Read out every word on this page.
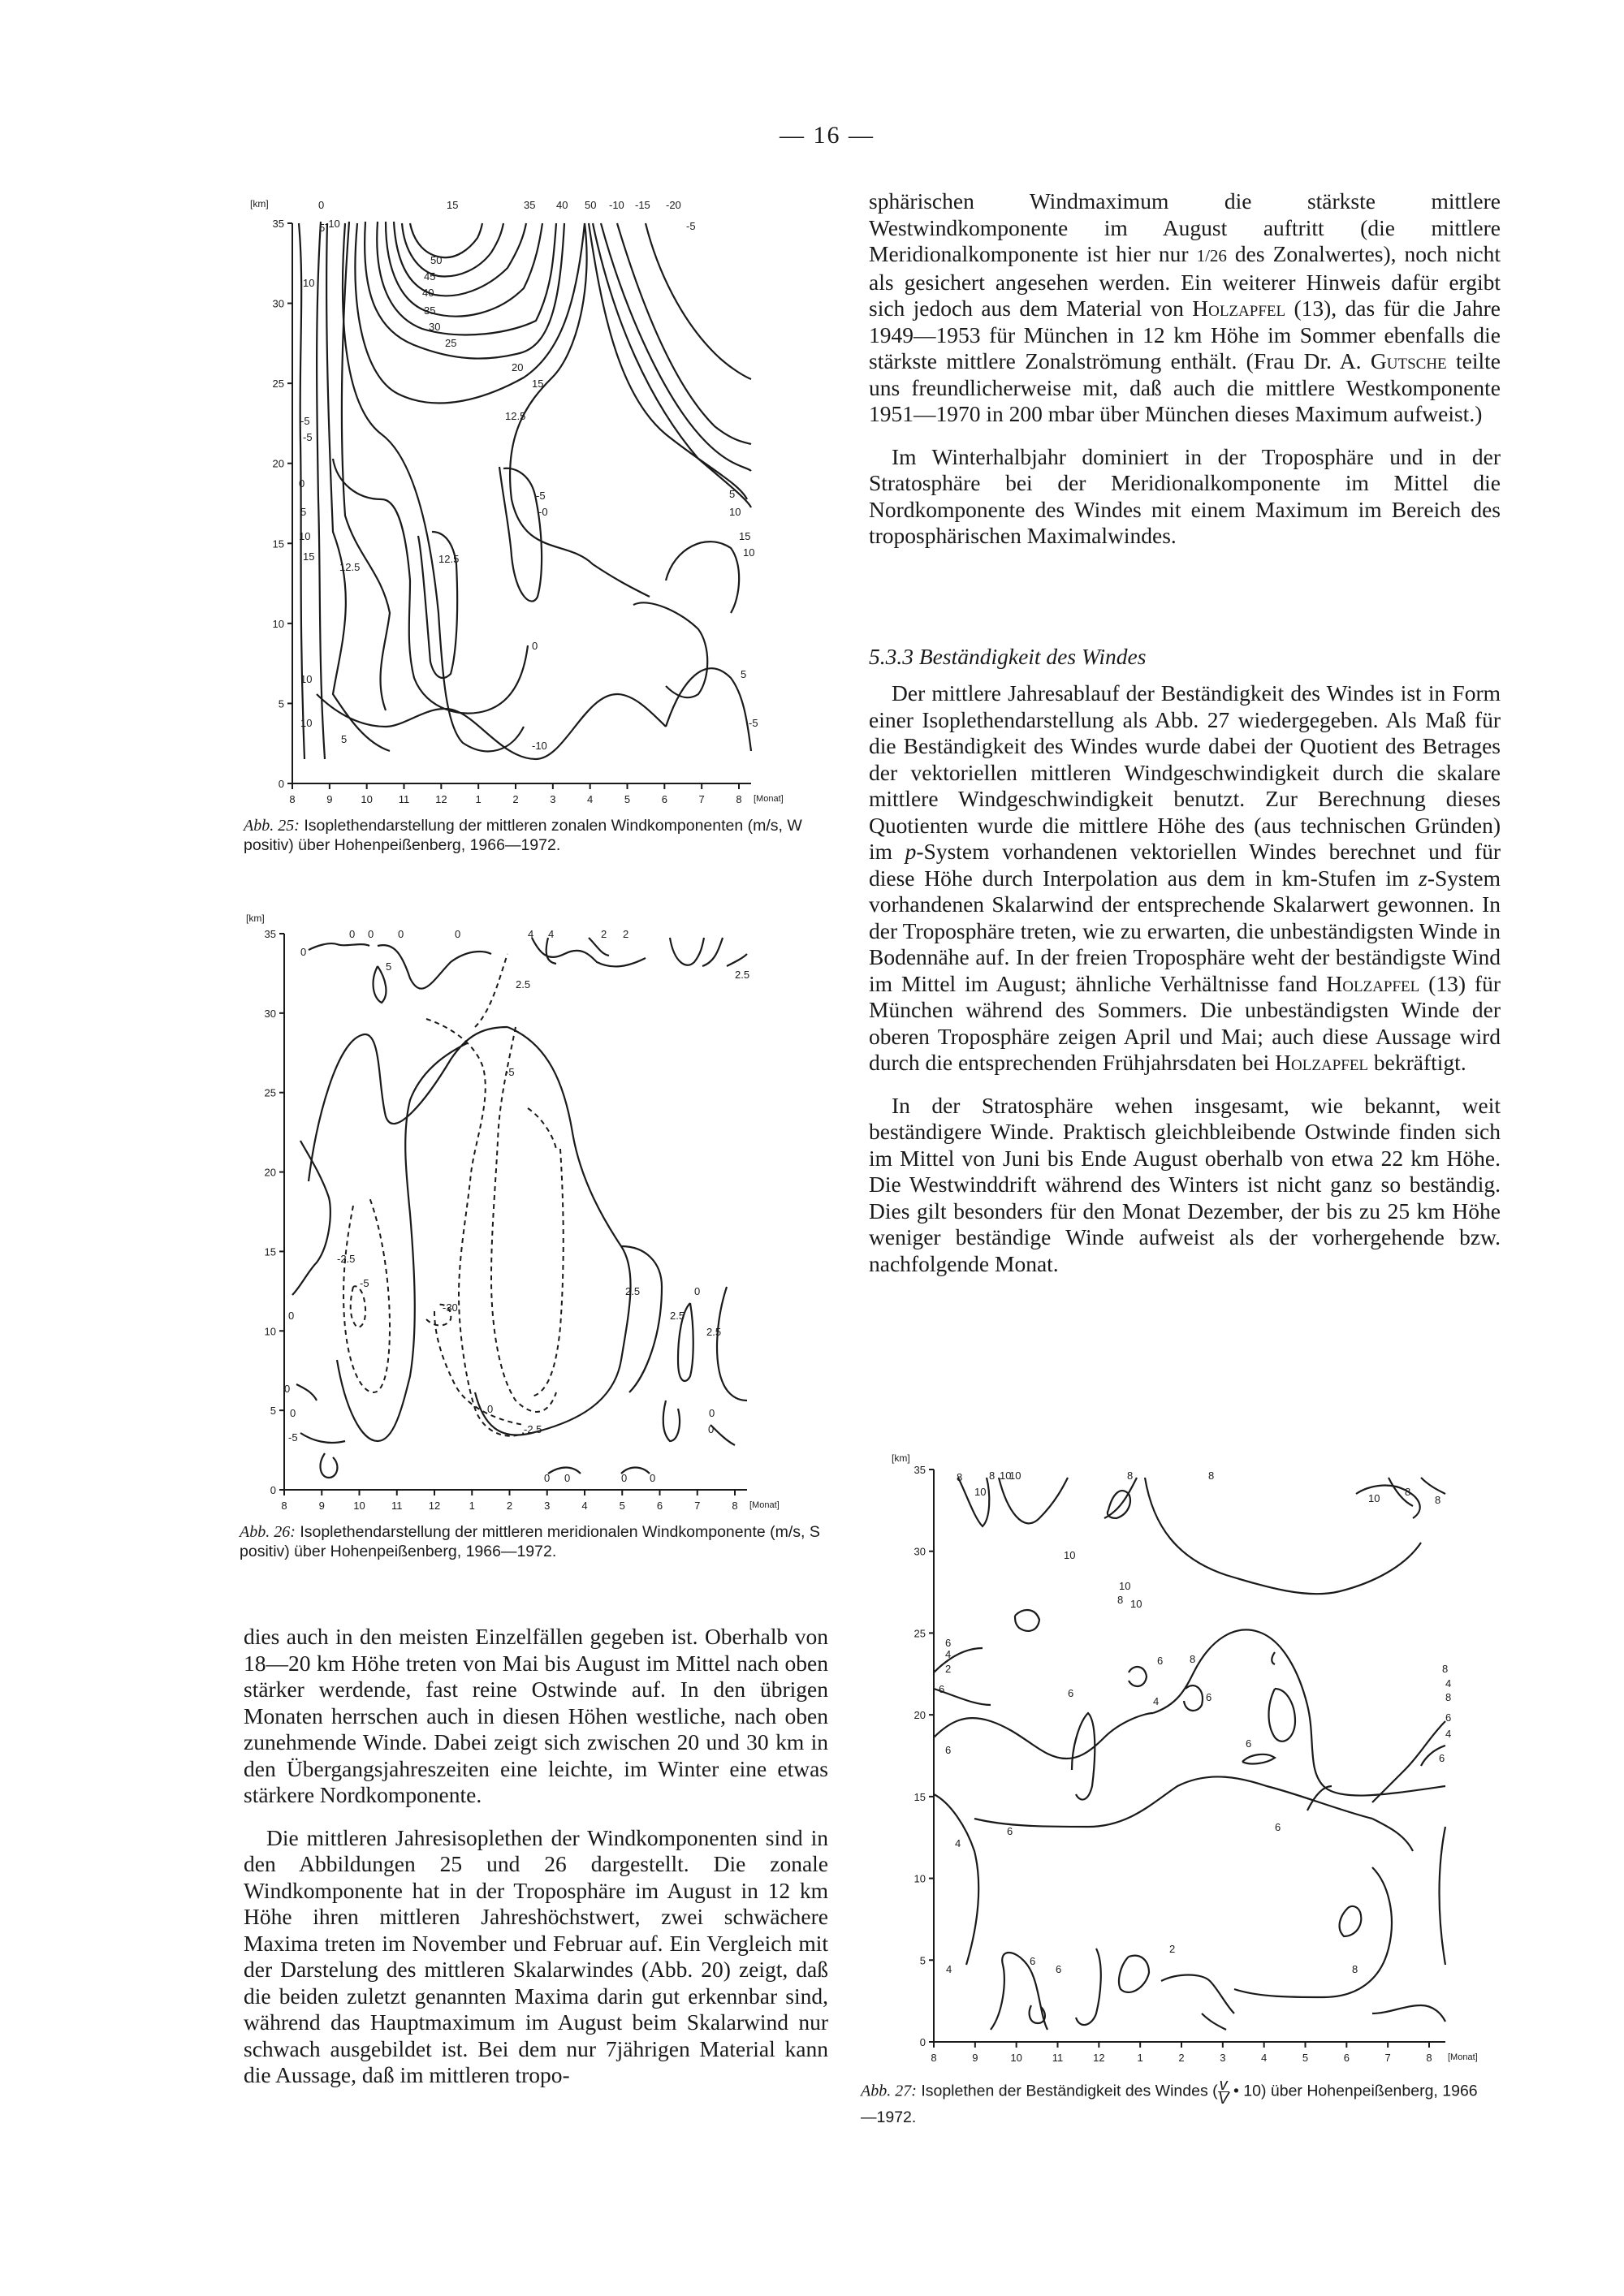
— 16 —
[km]
35
30
25
20
15
10
5
0
8	9	10 11 12	1	2	3	4	5	6	7	8 [Monat]
0
5
10
15	35 40 50 -10 -15 -20
-5
-10
-5
50
45
40
35
30
25
20
15
12.5
-5
0
5
10
15
12.5
12.5
-5
-0
0
5
10
15
10
10
5
10
5
-5
-10
Abb. 25: Isoplethendarstellung der mittleren zonalen Windkomponenten (m/s, W positiv) über Hohenpeißenberg, 1966—1972.
[km]
35
30
25
20
15
10
5
0
8	9	10 11 12	1	2	3	4	5	6	7	8 [Monat]
0
0 0 0	0	4 4	2 2
5
2.5
2.5
-5
0
2.5
-5
-2.5
-30
2.5
0
2.5
0
0
-5
-2.5
0
0 0	0 0
0
0
Abb. 26: Isoplethendarstellung der mittleren meridionalen Windkomponente (m/s, S positiv) über Hohenpeißenberg, 1966—1972.

dies auch in den meisten Einzelfällen gegeben ist. Oberhalb von 18—20 km Höhe treten von Mai bis August im Mittel nach oben stärker werdende, fast reine Ostwinde auf. In den übrigen Monaten herrschen auch in diesen Höhen westliche, nach oben zunehmende Winde. Dabei zeigt sich zwischen 20 und 30 km in den Übergangsjahreszeiten eine leichte, im Winter eine etwas stärkere Nordkomponente.

Die mittleren Jahresisoplethen der Windkomponenten sind in den Abbildungen 25 und 26 dargestellt. Die zonale Windkomponente hat in der Troposphäre im August in 12 km Höhe ihren mittleren Jahreshöchstwert, zwei schwächere Maxima treten im November und Februar auf. Ein Vergleich mit der Darstelung des mittleren Skalarwindes (Abb. 20) zeigt, daß die beiden zuletzt genannten Maxima darin gut erkennbar sind, während das Hauptmaximum im August beim Skalarwind nur schwach ausgebildet ist. Bei dem nur 7jährigen Material kann die Aussage, daß im mittleren tropo-

sphärischen Windmaximum die stärkste mittlere Westwindkomponente im August auftritt (die mittlere Meridionalkomponente ist hier nur 1/26 des Zonalwertes), noch nicht als gesichert angesehen werden. Ein weiterer Hinweis dafür ergibt sich jedoch aus dem Material von Holzapfel (13), das für die Jahre 1949—1953 für München in 12 km Höhe im Sommer ebenfalls die stärkste mittlere Zonalströmung enthält. (Frau Dr. A. Gutsche teilte uns freundlicherweise mit, daß auch die mittlere Westkomponente 1951—1970 in 200 mbar über München dieses Maximum aufweist.)

Im Winterhalbjahr dominiert in der Troposphäre und in der Stratosphäre bei der Meridionalkomponente im Mittel die Nordkomponente des Windes mit einem Maximum im Bereich des troposphärischen Maximalwindes.

5.3.3 Beständigkeit des Windes

Der mittlere Jahresablauf der Beständigkeit des Windes ist in Form einer Isoplethendarstellung als Abb. 27 wiedergegeben. Als Maß für die Beständigkeit des Windes wurde dabei der Quotient des Betrages der vektoriellen mittleren Windgeschwindigkeit durch die skalare mittlere Windgeschwindigkeit benutzt. Zur Berechnung dieses Quotienten wurde die mittlere Höhe des (aus technischen Gründen) im p-System vorhandenen vektoriellen Windes berechnet und für diese Höhe durch Interpolation aus dem in km-Stufen im z-System vorhandenen Skalarwind der entsprechende Skalarwert gewonnen. In der Troposphäre treten, wie zu erwarten, die unbeständigsten Winde in Bodennähe auf. In der freien Troposphäre weht der beständigste Wind im Mittel im August; ähnliche Verhältnisse fand Holzapfel (13) für München während des Sommers. Die unbeständigsten Winde der oberen Troposphäre zeigen April und Mai; auch diese Aussage wird durch die entsprechenden Frühjahrsdaten bei Holzapfel bekräftigt.

In der Stratosphäre wehen insgesamt, wie bekannt, weit beständigere Winde. Praktisch gleichbleibende Ostwinde finden sich im Mittel von Juni bis Ende August oberhalb von etwa 22 km Höhe. Die Westwinddrift während des Winters ist nicht ganz so beständig. Dies gilt besonders für den Monat Dezember, der bis zu 25 km Höhe weniger beständige Winde aufweist als der vorhergehende bzw. nachfolgende Monat.

[km]
35
30
25
20
15
10
5
0
8	9	10	11	12	1	2	3	4	5	6	7	8 [Monat]
8	8 10
10
10
8	8
8
10	8
10
10
10
8
6	8
6
4	6
6
4
2
6
8
4
8
6
4
6
6
6
4
6	6
2
4
6
6	8
Abb. 27: Isoplethen der Beständigkeit des Windes ( $\frac{v}{V}$ • 10) über Hohenpeißenberg, 1966—1972.
